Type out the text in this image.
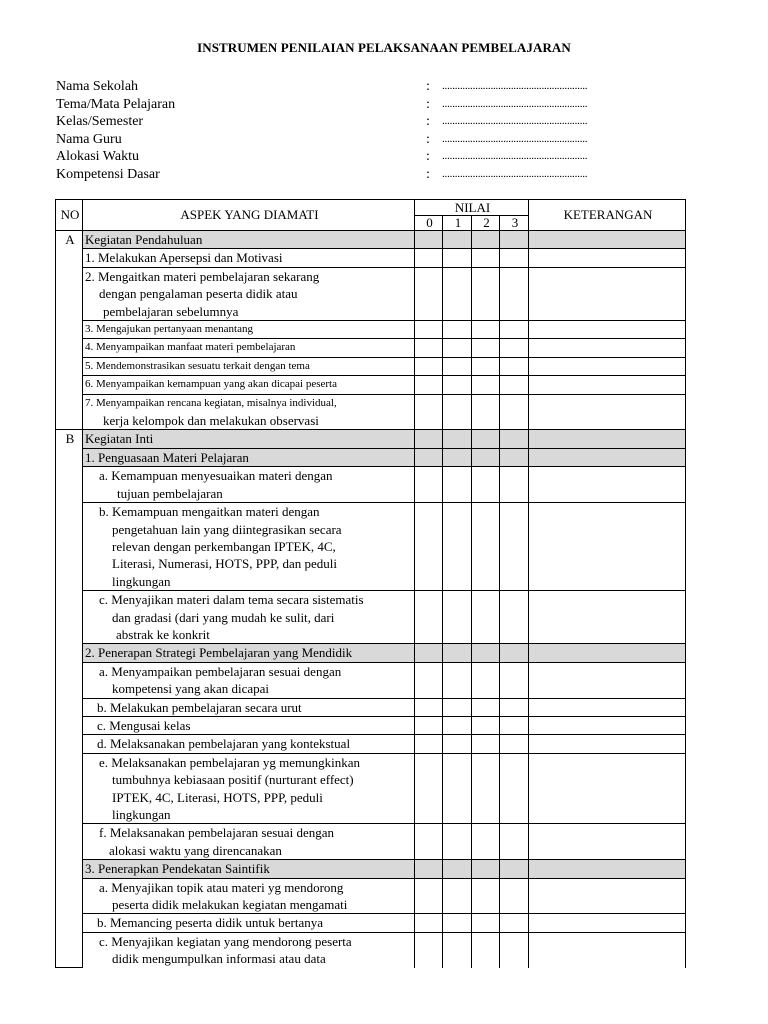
INSTRUMEN PENILAIAN PELAKSANAAN PEMBELAJARAN
Nama Sekolah	: .........................................................
Tema/Mata Pelajaran	: .........................................................
Kelas/Semester	: .........................................................
Nama Guru	: .........................................................
Alokasi Waktu	: .........................................................
Kompetensi Dasar	: .........................................................
NO	ASPEK YANG DIAMATI	NILAI				KETERANGAN
		0	1	2	3	
A	Kegiatan Pendahuluan					
	1. Melakukan Apersepsi dan Motivasi					

	2. Mengaitkan materi pembelajaran sekarang
dengan pengalaman peserta didik atau
pembelajaran sebelumnya					

	3. Mengajukan pertanyaan menantang					
	4. Menyampaikan manfaat materi pembelajaran					
	5. Mendemonstrasikan sesuatu terkait dengan tema					
	6. Menyampaikan kemampuan yang akan dicapai peserta					

	7. Menyampaikan rencana kegiatan, misalnya individual,
kerja kelompok dan melakukan observasi					

B	Kegiatan Inti					
	1. Penguasaan Materi Pelajaran					

	a. Kemampuan menyesuaikan materi dengan
tujuan pembelajaran					

	b. Kemampuan mengaitkan materi dengan
pengetahuan lain yang diintegrasikan secara
relevan dengan perkembangan IPTEK, 4C,
Literasi, Numerasi, HOTS, PPP, dan peduli
lingkungan					

	c. Menyajikan materi dalam tema secara sistematis
dan gradasi (dari yang mudah ke sulit, dari
abstrak ke konkrit					

	2. Penerapan Strategi Pembelajaran yang Mendidik					

	a. Menyampaikan pembelajaran sesuai dengan
kompetensi yang akan dicapai					

	b. Melakukan pembelajaran secara urut					
	c. Mengusai kelas					
	d. Melaksanakan pembelajaran yang kontekstual					

	e. Melaksanakan pembelajaran yg memungkinkan
tumbuhnya kebiasaan positif (nurturant effect)
IPTEK, 4C, Literasi, HOTS, PPP, peduli
lingkungan					

	f. Melaksanakan pembelajaran sesuai dengan
alokasi waktu yang direncanakan					

	3. Penerapkan Pendekatan Saintifik					

	a. Menyajikan topik atau materi yg mendorong
peserta didik melakukan kegiatan mengamati					

	b. Memancing peserta didik untuk bertanya					

	c. Menyajikan kegiatan yang mendorong peserta
didik mengumpulkan informasi atau data					
